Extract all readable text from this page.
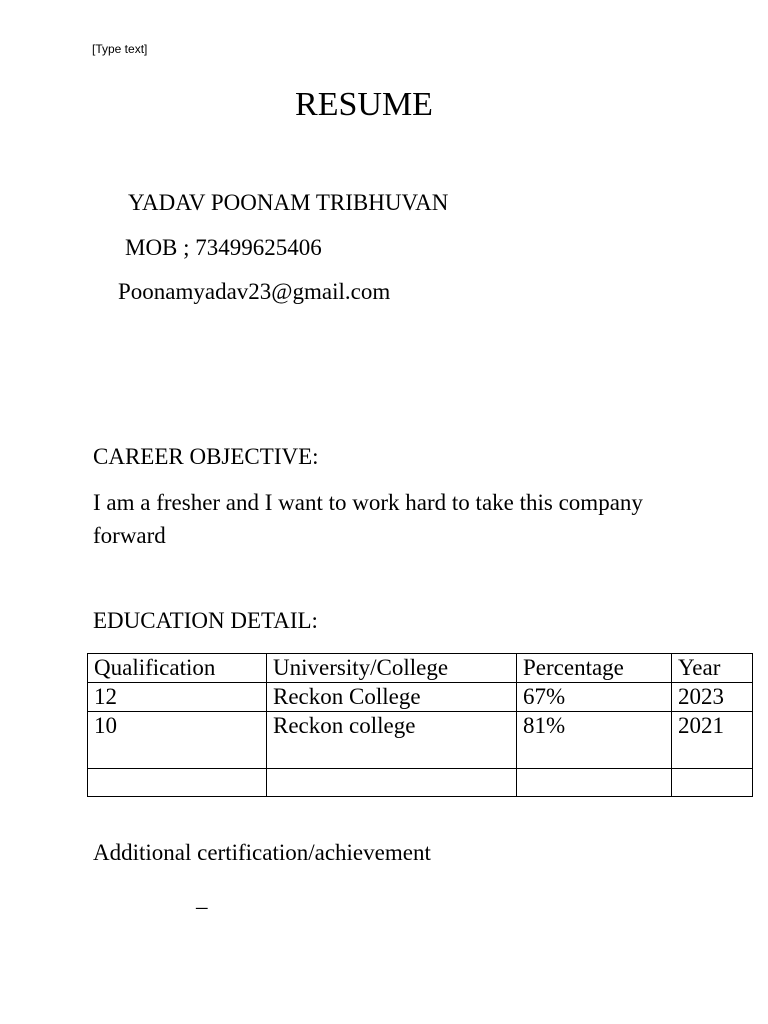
[Type text]
RESUME
YADAV POONAM TRIBHUVAN
MOB ; 73499625406
Poonamyadav23@gmail.com
CAREER OBJECTIVE:
I am a fresher and I want to work hard to take this company forward
EDUCATION DETAIL:
Qualification	University/College	Percentage	Year
12	Reckon College	67%	2023
10	Reckon college	81%	2021

Additional certification/achievement
–
